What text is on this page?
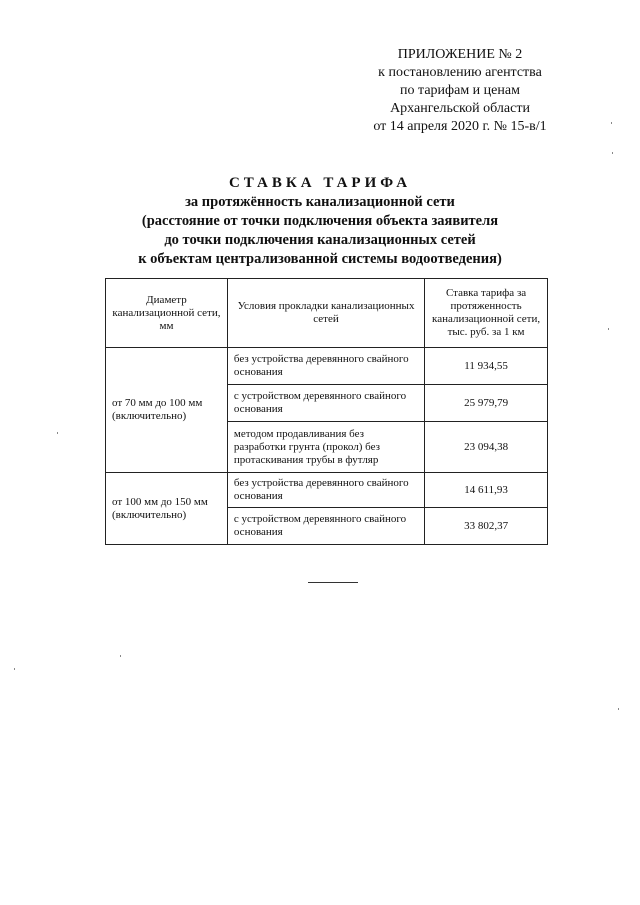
ПРИЛОЖЕНИЕ № 2
к постановлению агентства
по тарифам и ценам
Архангельской области
от 14 апреля 2020 г. № 15-в/1
СТАВКА ТАРИФА
за протяжённость канализационной сети
(расстояние от точки подключения объекта заявителя
до точки подключения канализационных сетей
к объектам централизованной системы водоотведения)
Диаметр канализационной сети, мм	Условия прокладки канализационных сетей	Ставка тарифа за протяженность канализационной сети, тыс. руб. за 1 км
от 70 мм до 100 мм (включительно)	без устройства деревянного свайного основания	11 934,55
	с устройством деревянного свайного основания	25 979,79
	методом продавливания без разработки грунта (прокол) без протаскивания трубы в футляр	23 094,38
от 100 мм до 150 мм (включительно)	без устройства деревянного свайного основания	14 611,93
	с устройством деревянного свайного основания	33 802,37
